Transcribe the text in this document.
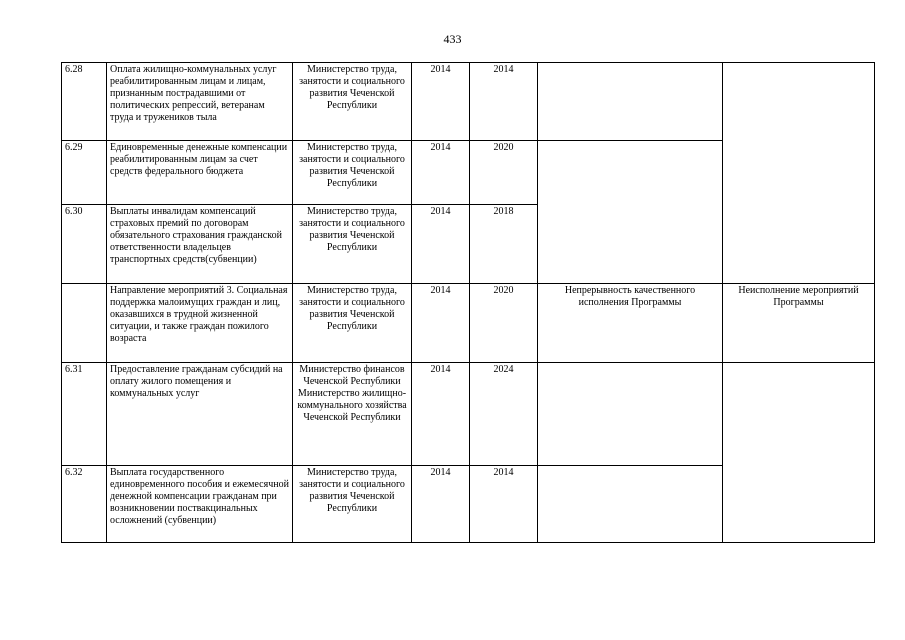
433
6.28	Оплата жилищно-коммунальных услуг реабилитированным лицам и лицам, признанным пострадавшими от политических репрессий, ветеранам труда и тружеников тыла	Министерство труда, занятости и социального развития Чеченской Республики	2014	2014		
6.29	Единовременные денежные компенсации реабилитированным лицам за счет средств федерального бюджета	Министерство труда, занятости и социального развития Чеченской Республики	2014	2020		
6.30	Выплаты инвалидам компенсаций страховых премий по договорам обязательного страхования гражданской ответственности владельцев транспортных средств(субвенции)	Министерство труда, занятости и социального развития Чеченской Республики	2014	2018		
	Направление мероприятий 3. Социальная поддержка малоимущих граждан и лиц, оказавшихся в трудной жизненной ситуации, и также граждан пожилого возраста	Министерство труда, занятости и социального развития Чеченской Республики	2014	2020	Непрерывность качественного исполнения Программы	Неисполнение мероприятий Программы
6.31	Предоставление гражданам субсидий на оплату жилого помещения и коммунальных услуг	Министерство финансов Чеченской Республики Министерство жилищно-коммунального хозяйства Чеченской Республики	2014	2024		
6.32	Выплата государственного единовременного пособия и ежемесячной денежной компенсации гражданам при возникновении поствакцинальных осложнений (субвенции)	Министерство труда, занятости и социального развития Чеченской Республики	2014	2014		
